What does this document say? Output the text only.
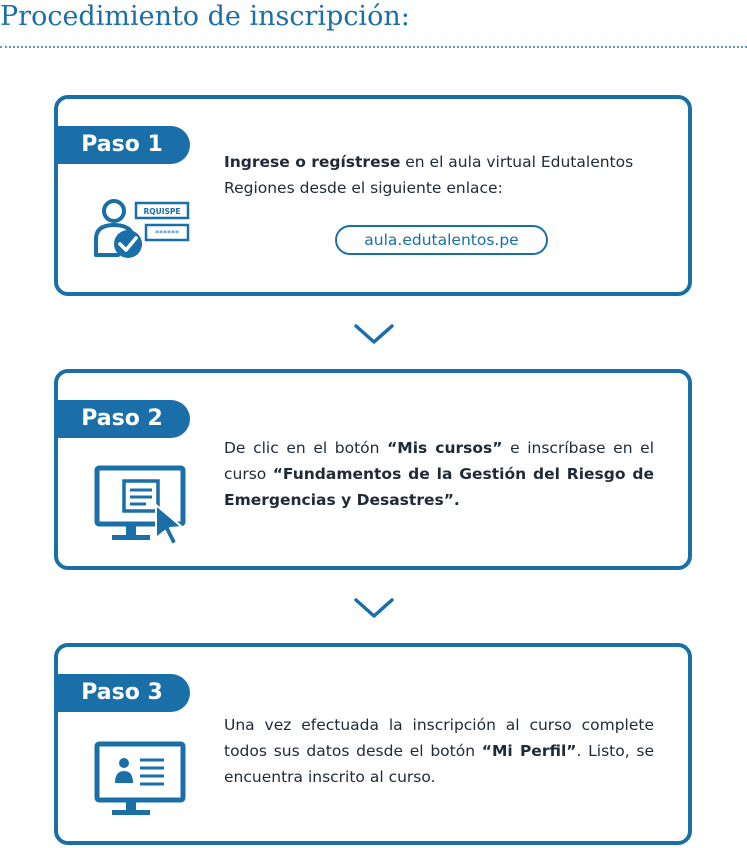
Procedimiento de inscripción:
Paso 1
Ingrese o regístrese en el aula virtual Edutalentos Regiones desde el siguiente enlace:
aula.edutalentos.pe
RQUISPE
******
Paso 2
De clic en el botón “Mis cursos” e inscríbase en el curso “Fundamentos de la Gestión del Riesgo de Emergencias y Desastres”.
Paso 3
Una vez efectuada la inscripción al curso complete todos sus datos desde el botón “Mi Perfil”. Listo, se encuentra inscrito al curso.
